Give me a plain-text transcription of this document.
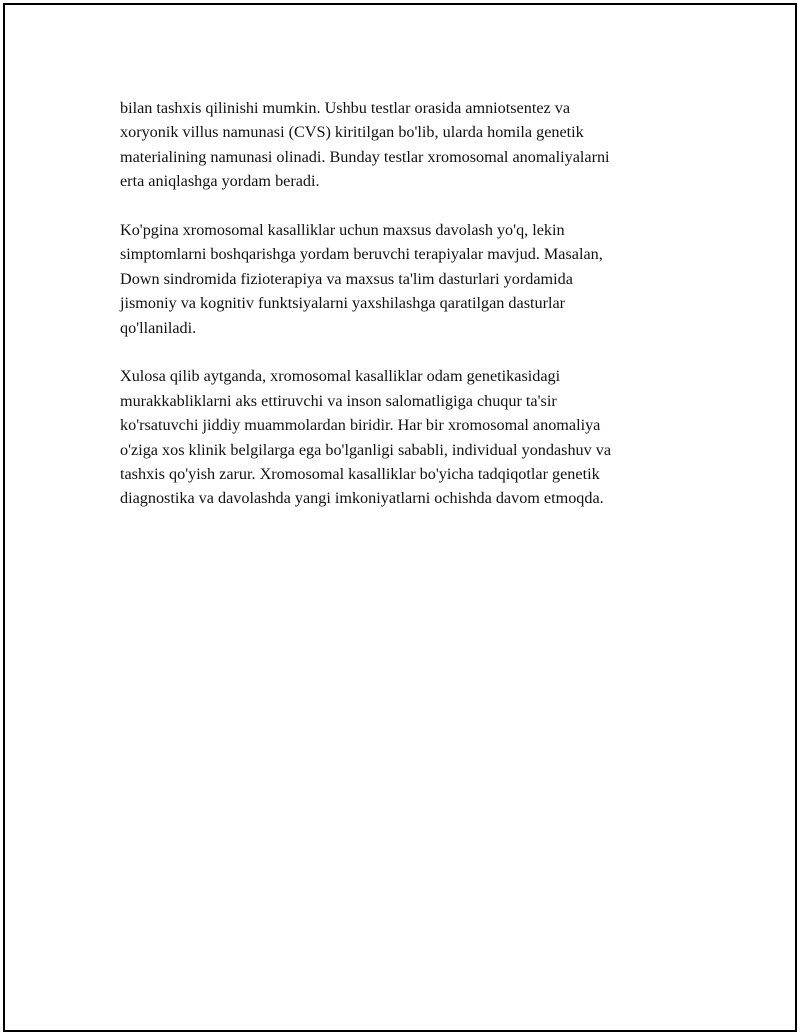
bilan tashxis qilinishi mumkin. Ushbu testlar orasida amniotsentez va
xoryonik villus namunasi (CVS) kiritilgan bo'lib, ularda homila genetik
materialining namunasi olinadi. Bunday testlar xromosomal anomaliyalarni
erta aniqlashga yordam beradi.

Ko'pgina xromosomal kasalliklar uchun maxsus davolash yo'q, lekin
simptomlarni boshqarishga yordam beruvchi terapiyalar mavjud. Masalan,
Down sindromida fizioterapiya va maxsus ta'lim dasturlari yordamida
jismoniy va kognitiv funktsiyalarni yaxshilashga qaratilgan dasturlar
qo'llaniladi.

Xulosa qilib aytganda, xromosomal kasalliklar odam genetikasidagi
murakkabliklarni aks ettiruvchi va inson salomatligiga chuqur ta'sir
ko'rsatuvchi jiddiy muammolardan biridir. Har bir xromosomal anomaliya
o'ziga xos klinik belgilarga ega bo'lganligi sababli, individual yondashuv va
tashxis qo'yish zarur. Xromosomal kasalliklar bo'yicha tadqiqotlar genetik
diagnostika va davolashda yangi imkoniyatlarni ochishda davom etmoqda.
